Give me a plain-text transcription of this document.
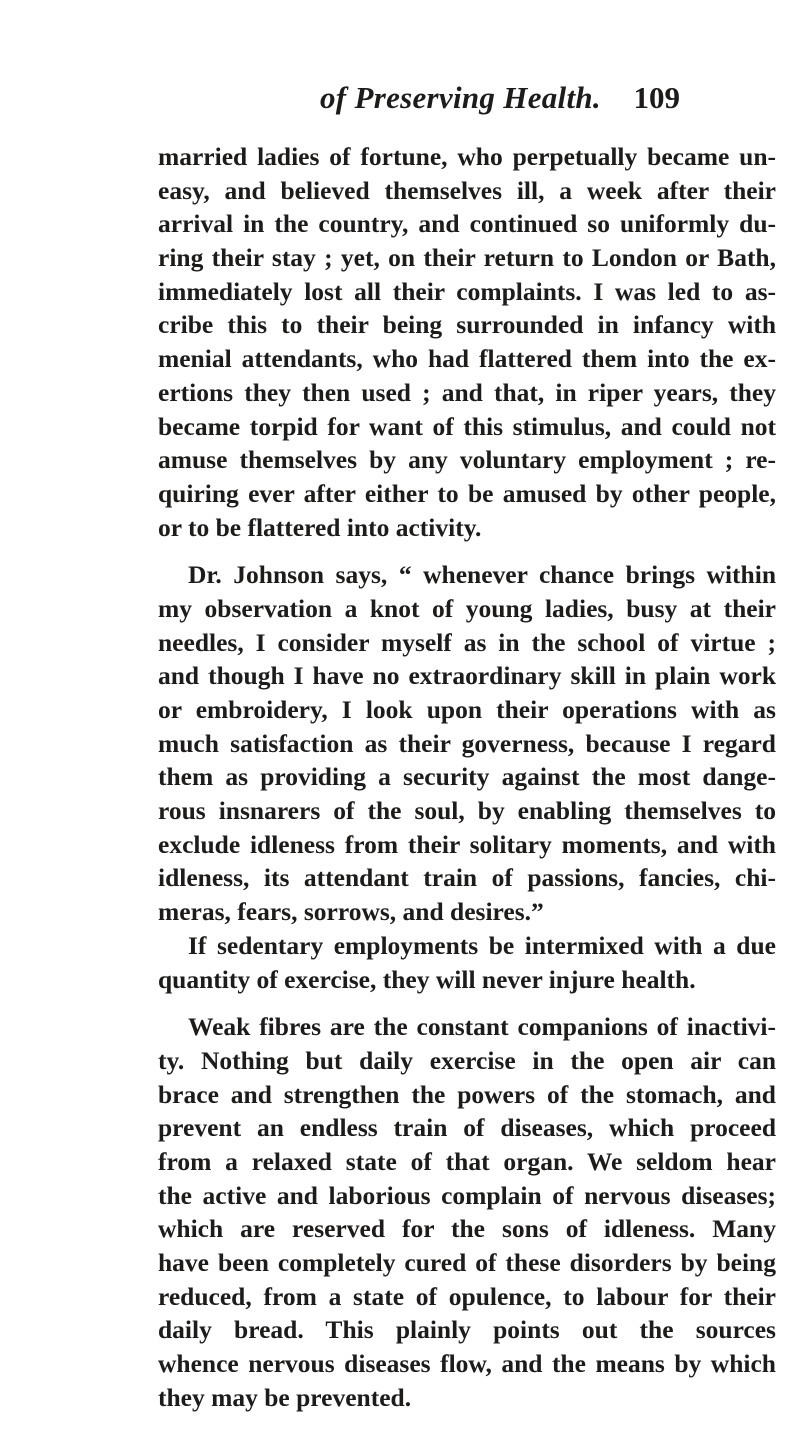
of Preserving Health. 109
married ladies of fortune, who perpetually became un-
easy, and believed themselves ill, a week after their
arrival in the country, and continued so uniformly du-
ring their stay ; yet, on their return to London or Bath,
immediately lost all their complaints. I was led to as-
cribe this to their being surrounded in infancy with
menial attendants, who had flattered them into the ex-
ertions they then used ; and that, in riper years, they
became torpid for want of this stimulus, and could not
amuse themselves by any voluntary employment ; re-
quiring ever after either to be amused by other people,
or to be flattered into activity.
Dr. Johnson says, “ whenever chance brings within
my observation a knot of young ladies, busy at their
needles, I consider myself as in the school of virtue ;
and though I have no extraordinary skill in plain work
or embroidery, I look upon their operations with as
much satisfaction as their governess, because I regard
them as providing a security against the most dange-
rous insnarers of the soul, by enabling themselves to
exclude idleness from their solitary moments, and with
idleness, its attendant train of passions, fancies, chi-
meras, fears, sorrows, and desires.”
If sedentary employments be intermixed with a due
quantity of exercise, they will never injure health.
Weak fibres are the constant companions of inactivi-
ty. Nothing but daily exercise in the open air can
brace and strengthen the powers of the stomach, and
prevent an endless train of diseases, which proceed
from a relaxed state of that organ. We seldom hear
the active and laborious complain of nervous diseases;
which are reserved for the sons of idleness. Many
have been completely cured of these disorders by being
reduced, from a state of opulence, to labour for their
daily bread. This plainly points out the sources
whence nervous diseases flow, and the means by which
they may be prevented.
